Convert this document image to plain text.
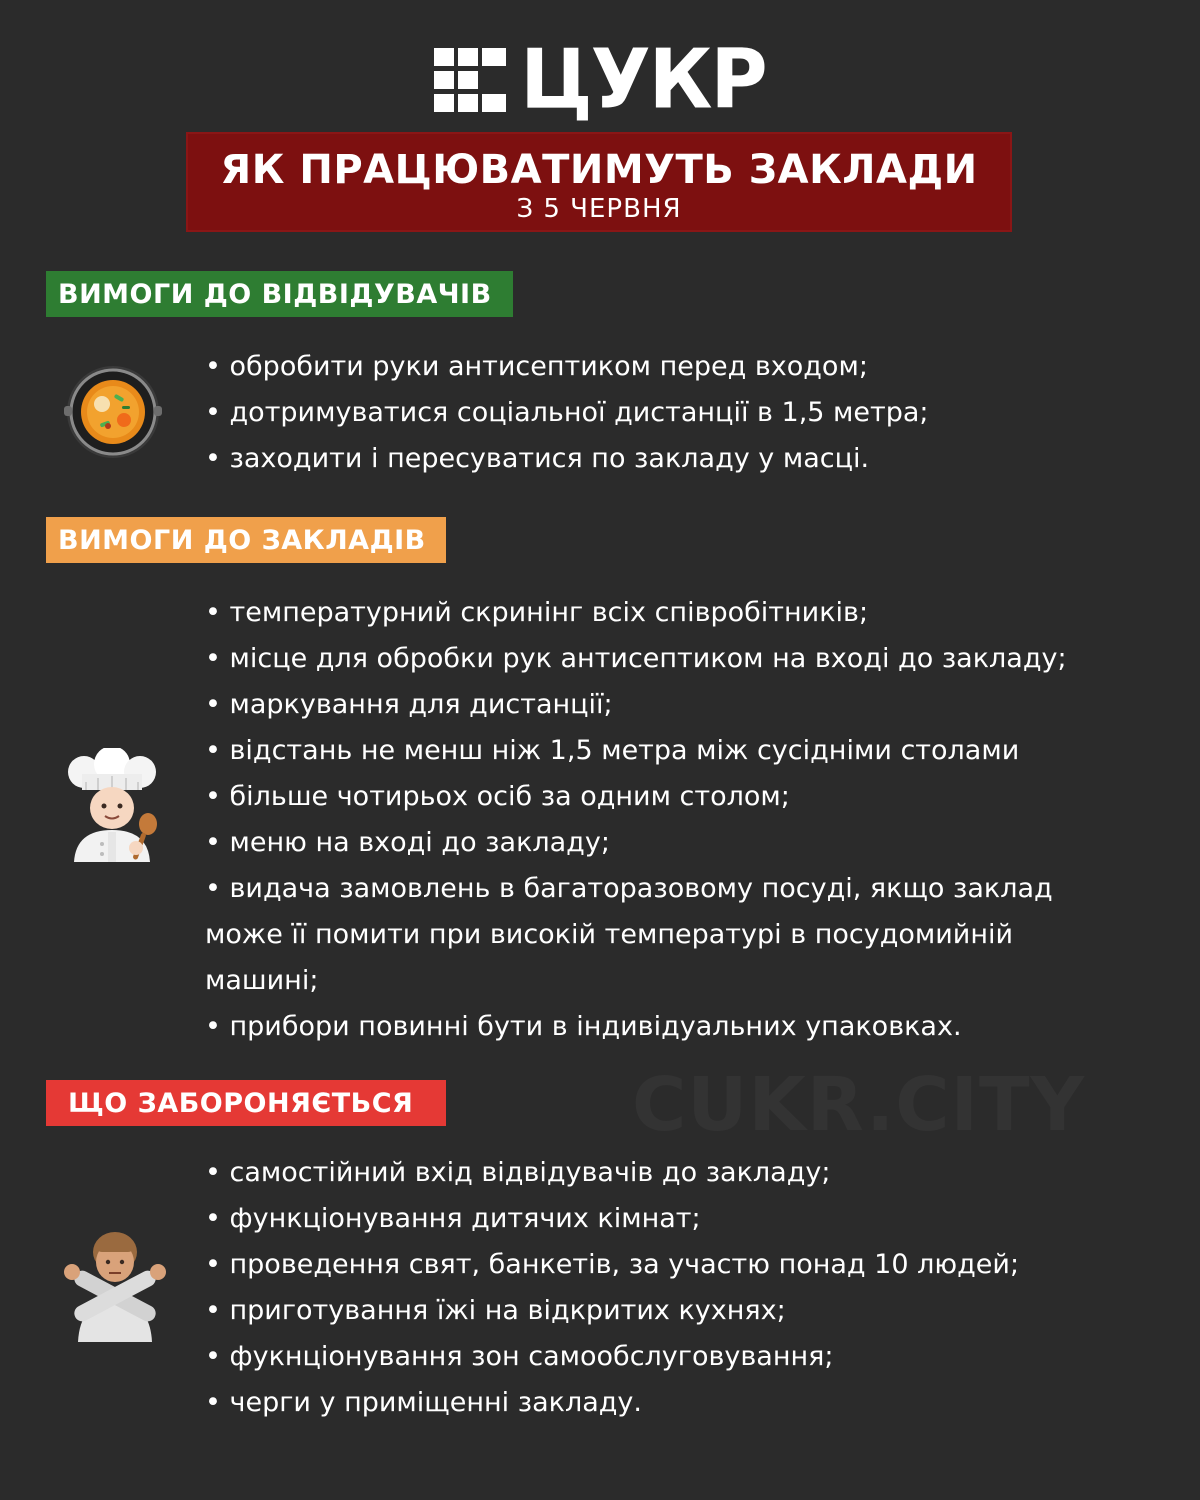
ЦУКР
ЯК ПРАЦЮВАТИМУТЬ ЗАКЛАДИ
З 5 ЧЕРВНЯ
ВИМОГИ ДО ВІДВІДУВАЧІВ
• обробити руки антисептиком перед входом;
• дотримуватися соціальної дистанції в 1,5 метра;
• заходити і пересуватися по закладу у масці.
ВИМОГИ ДО ЗАКЛАДІВ
• температурний скринінг всіх співробітників;
• місце для обробки рук антисептиком на вході до закладу;
• маркування для дистанції;
• відстань не менш ніж 1,5 метра між сусідніми столами
• більше чотирьох осіб за одним столом;
• меню на вході до закладу;
• видача замовлень в багаторазовому посуді, якщо заклад може її помити при високій температурі в посудомийній машині;
• прибори повинні бути в індивідуальних упаковках.
CUKR.CITY
ЩО ЗАБОРОНЯЄТЬСЯ
• самостійний вхід відвідувачів до закладу;
• функціонування дитячих кімнат;
• проведення свят, банкетів, за участю понад 10 людей;
• приготування їжі на відкритих кухнях;
• фукнціонування зон самообслуговування;
• черги у приміщенні закладу.
